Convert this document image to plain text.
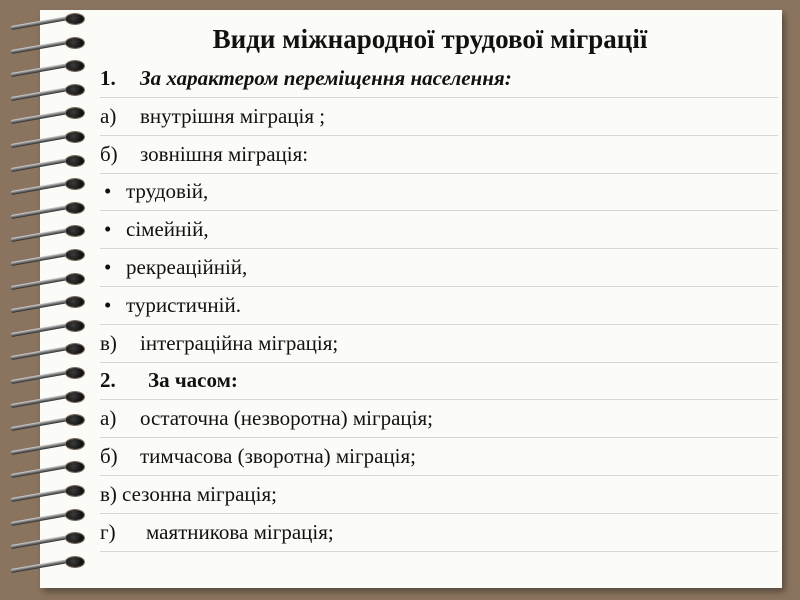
Види міжнародної трудової міграції
1. За характером переміщення населення:
а) внутрішня міграція ;
б) зовнішня міграція:
• трудовій,
• сімейній,
• рекреаційній,
• туристичній.
в) інтеграційна міграція;
2. За часом:
а) остаточна (незворотна) міграція;
б) тимчасова (зворотна) міграція;
в) сезонна міграція;
г) маятникова міграція;
